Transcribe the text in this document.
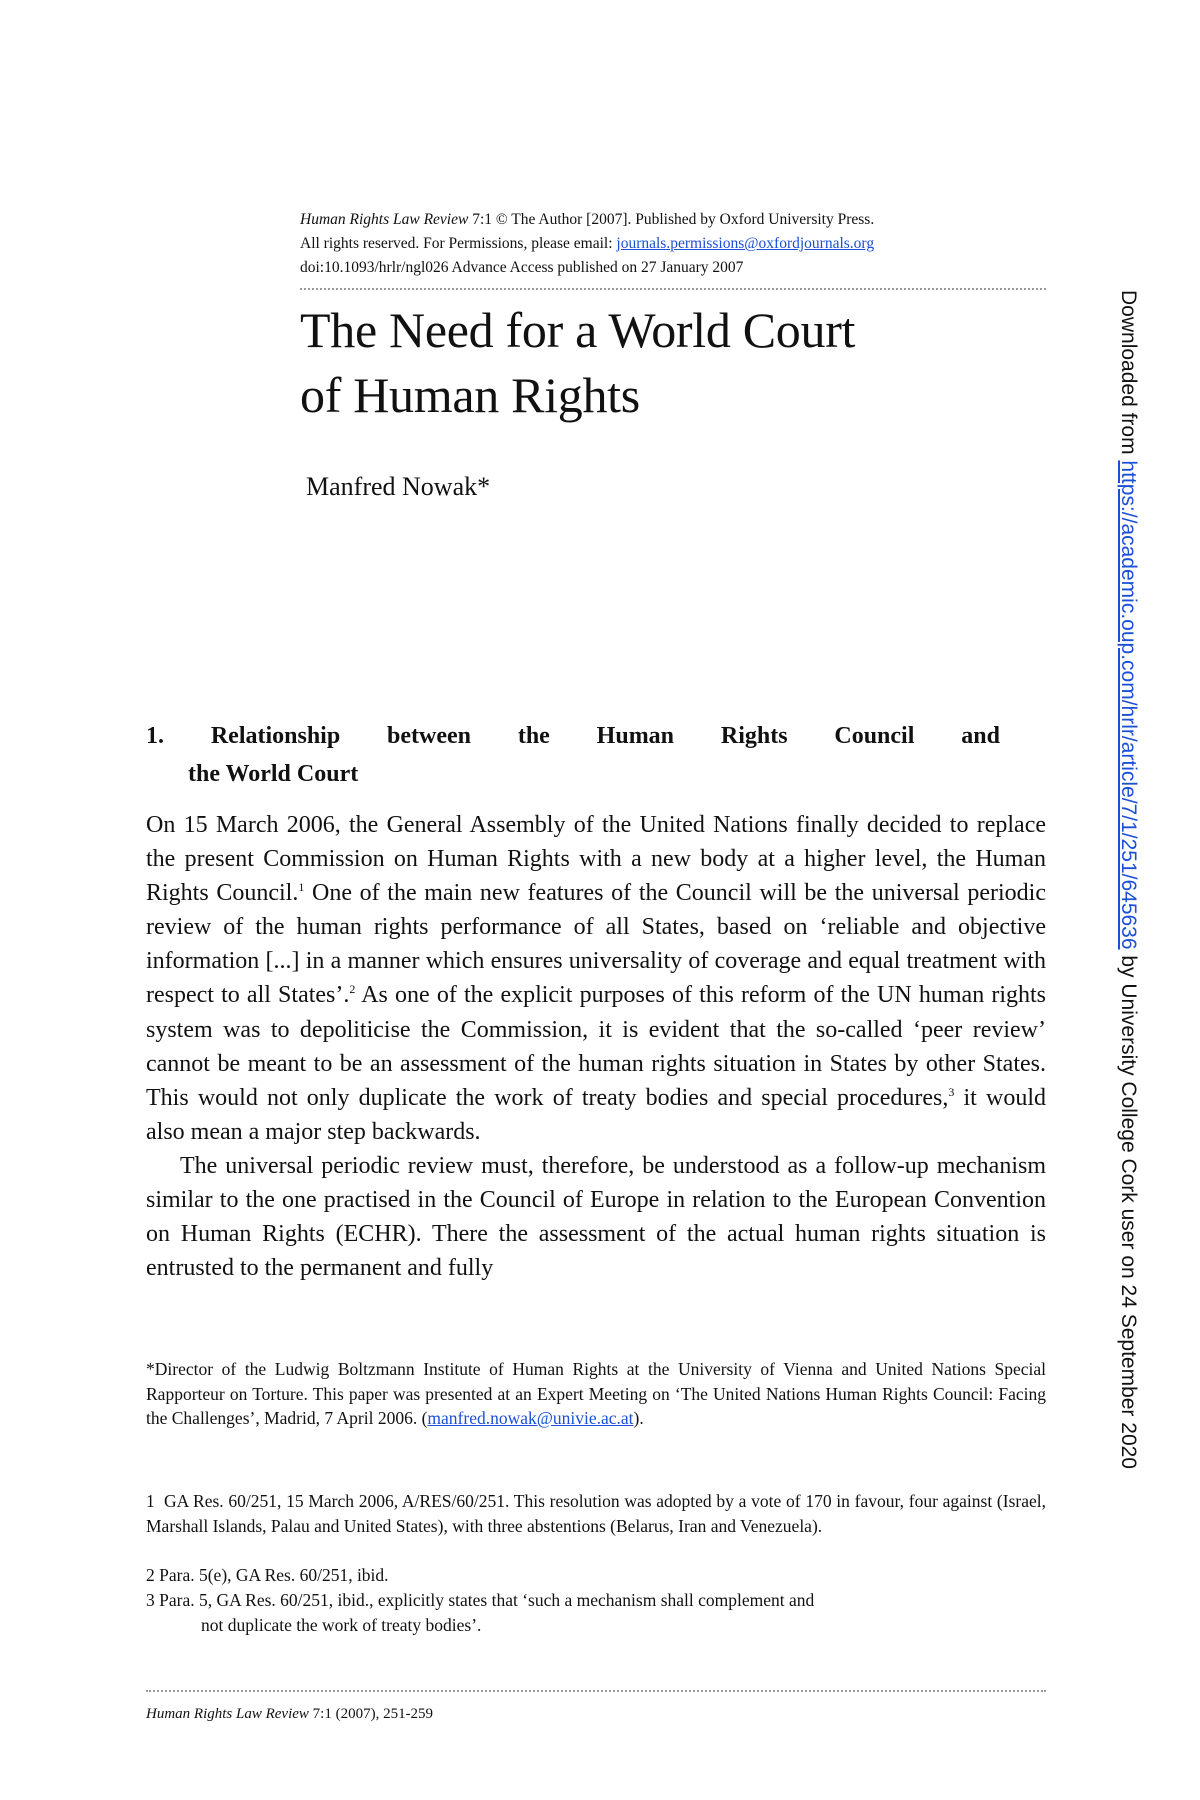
Human Rights Law Review 7:1 © The Author [2007]. Published by Oxford University Press.
All rights reserved. For Permissions, please email: journals.permissions@oxfordjournals.org
doi:10.1093/hrlr/ngl026 Advance Access published on 27 January 2007
The Need for a World Court
of Human Rights
Manfred Nowak*
1. Relationship between the Human Rights Council and
the World Court

On 15 March 2006, the General Assembly of the United Nations finally decided to replace the present Commission on Human Rights with a new body at a higher level, the Human Rights Council.$^1$ One of the main new features of the Council will be the universal periodic review of the human rights performance of all States, based on ‘reliable and objective information [...] in a manner which ensures universality of coverage and equal treatment with respect to all States’.$^2$ As one of the explicit purposes of this reform of the UN human rights system was to depoliticise the Commission, it is evident that the so-called ‘peer review’ cannot be meant to be an assessment of the human rights situation in States by other States. This would not only duplicate the work of treaty bodies and special procedures,$^3$ it would also mean a major step backwards.

The universal periodic review must, therefore, be understood as a follow-up mechanism similar to the one practised in the Council of Europe in relation to the European Convention on Human Rights (ECHR). There the assessment of the actual human rights situation is entrusted to the permanent and fully

*Director of the Ludwig Boltzmann Institute of Human Rights at the University of Vienna and United Nations Special Rapporteur on Torture. This paper was presented at an Expert Meeting on ‘The United Nations Human Rights Council: Facing the Challenges’, Madrid, 7 April 2006. (manfred.nowak@univie.ac.at).
1 GA Res. 60/251, 15 March 2006, A/RES/60/251. This resolution was adopted by a vote of 170 in favour, four against (Israel, Marshall Islands, Palau and United States), with three abstentions (Belarus, Iran and Venezuela).
2 Para. 5(e), GA Res. 60/251, ibid.
3 Para. 5, GA Res. 60/251, ibid., explicitly states that ‘such a mechanism shall complement and
not duplicate the work of treaty bodies’.
Human Rights Law Review 7:1 (2007), 251-259
Downloaded from https://academic.oup.com/hrlr/article/7/1/251/645636 by University College Cork user on 24 September 2020
